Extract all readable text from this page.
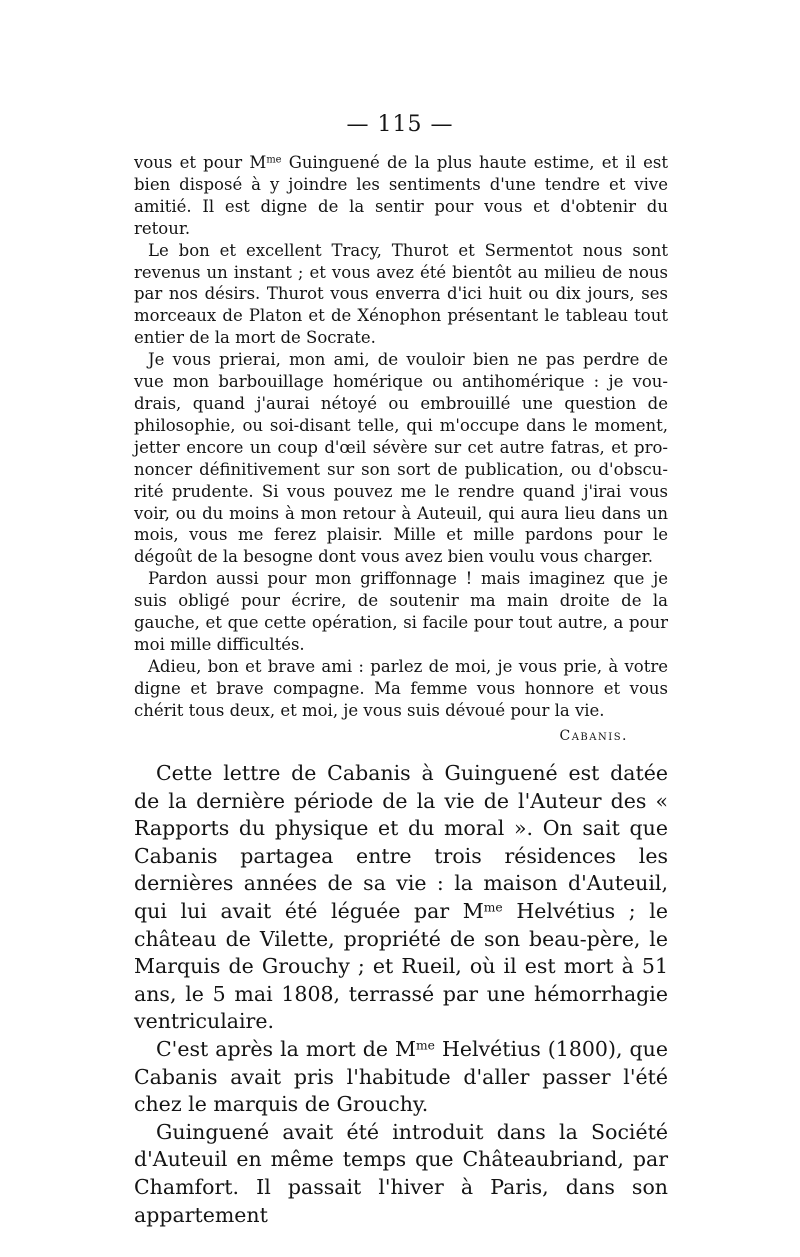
— 115 —

vous et pour $M^{me}$ Guinguené de la plus haute estime, et il est bien disposé à y joindre les sentiments d'une tendre et vive amitié. Il est digne de la sentir pour vous et d'obtenir du retour.

Le bon et excellent Tracy, Thurot et Sermentot nous sont revenus un instant ; et vous avez été bientôt au milieu de nous par nos désirs. Thurot vous enverra d'ici huit ou dix jours, ses morceaux de Platon et de Xénophon présentant le tableau tout entier de la mort de Socrate.

Je vous prierai, mon ami, de vouloir bien ne pas perdre de vue mon barbouillage homérique ou antihomérique : je voudrais, quand j'aurai nétoyé ou embrouillé une question de philosophie, ou soi-disant telle, qui m'occupe dans le moment, jetter encore un coup d'œil sévère sur cet autre fatras, et prononcer définitivement sur son sort de publication, ou d'obscurité prudente. Si vous pouvez me le rendre quand j'irai vous voir, ou du moins à mon retour à Auteuil, qui aura lieu dans un mois, vous me ferez plaisir. Mille et mille pardons pour le dégoût de la besogne dont vous avez bien voulu vous charger.

Pardon aussi pour mon griffonnage ! mais imaginez que je suis obligé pour écrire, de soutenir ma main droite de la gauche, et que cette opération, si facile pour tout autre, a pour moi mille difficultés.

Adieu, bon et brave ami : parlez de moi, je vous prie, à votre digne et brave compagne. Ma femme vous honnore et vous chérit tous deux, et moi, je vous suis dévoué pour la vie.

Cabanis.

Cette lettre de Cabanis à Guinguené est datée de la dernière période de la vie de l'Auteur des « Rapports du physique et du moral ». On sait que Cabanis partagea entre trois résidences les dernières années de sa vie : la maison d'Auteuil, qui lui avait été léguée par $M^{me}$ Helvétius ; le château de Vilette, propriété de son beau-père, le Marquis de Grouchy ; et Rueil, où il est mort à 51 ans, le 5 mai 1808, terrassé par une hémorrhagie ventriculaire.

C'est après la mort de $M^{me}$ Helvétius (1800), que Cabanis avait pris l'habitude d'aller passer l'été chez le marquis de Grouchy.

Guinguené avait été introduit dans la Société d'Auteuil en même temps que Châteaubriand, par Chamfort. Il passait l'hiver à Paris, dans son appartement
